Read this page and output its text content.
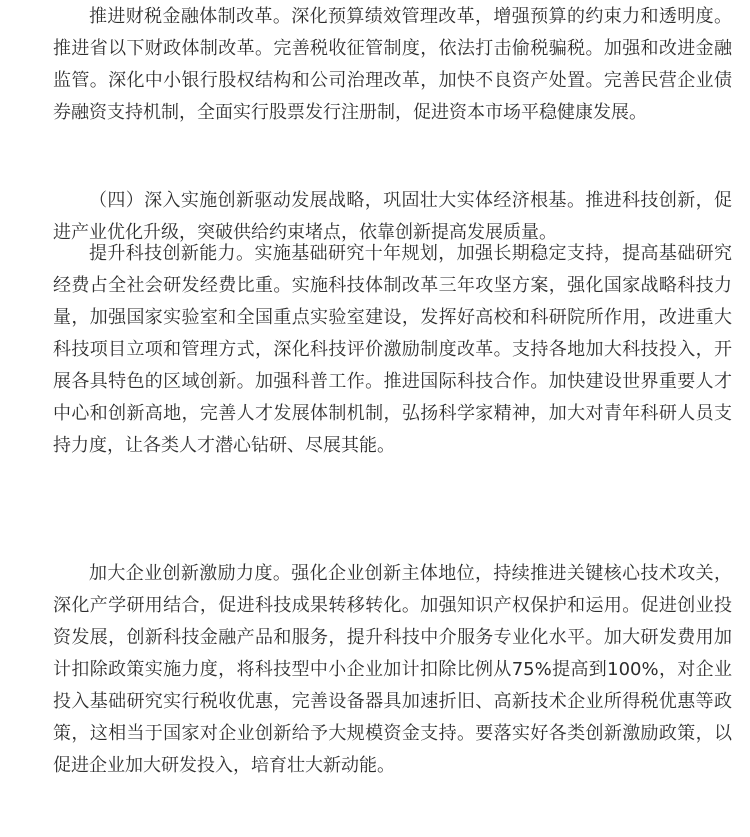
推进财税金融体制改革。深化预算绩效管理改革，增强预算的约束力和透明度。推进省以下财政体制改革。完善税收征管制度，依法打击偷税骗税。加强和改进金融监管。深化中小银行股权结构和公司治理改革，加快不良资产处置。完善民营企业债券融资支持机制，全面实行股票发行注册制，促进资本市场平稳健康发展。

（四）深入实施创新驱动发展战略，巩固壮大实体经济根基。推进科技创新，促进产业优化升级，突破供给约束堵点，依靠创新提高发展质量。

提升科技创新能力。实施基础研究十年规划，加强长期稳定支持，提高基础研究经费占全社会研发经费比重。实施科技体制改革三年攻坚方案，强化国家战略科技力量，加强国家实验室和全国重点实验室建设，发挥好高校和科研院所作用，改进重大科技项目立项和管理方式，深化科技评价激励制度改革。支持各地加大科技投入，开展各具特色的区域创新。加强科普工作。推进国际科技合作。加快建设世界重要人才中心和创新高地，完善人才发展体制机制，弘扬科学家精神，加大对青年科研人员支持力度，让各类人才潜心钻研、尽展其能。

加大企业创新激励力度。强化企业创新主体地位，持续推进关键核心技术攻关，深化产学研用结合，促进科技成果转移转化。加强知识产权保护和运用。促进创业投资发展，创新科技金融产品和服务，提升科技中介服务专业化水平。加大研发费用加计扣除政策实施力度，将科技型中小企业加计扣除比例从75%提高到100%，对企业投入基础研究实行税收优惠，完善设备器具加速折旧、高新技术企业所得税优惠等政策，这相当于国家对企业创新给予大规模资金支持。要落实好各类创新激励政策，以促进企业加大研发投入，培育壮大新动能。
